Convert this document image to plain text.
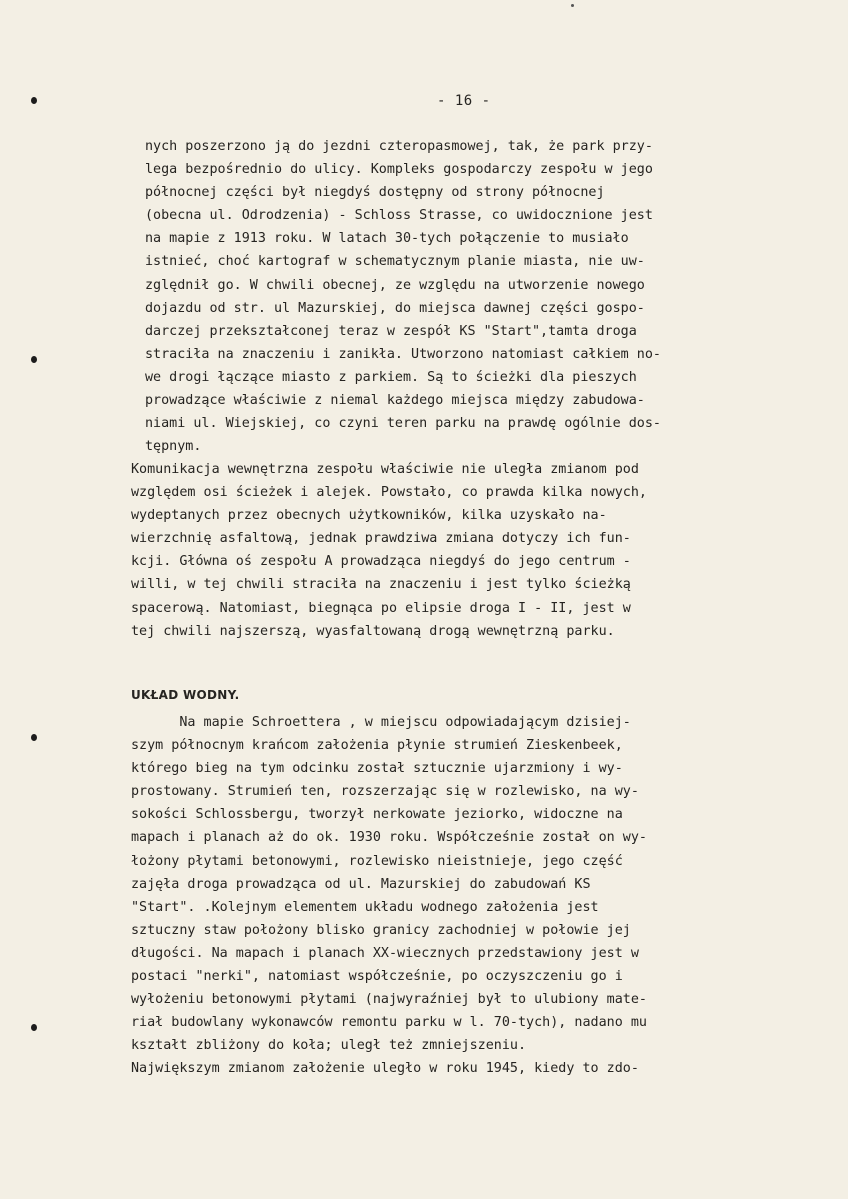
- 16 -
nych poszerzono ją do jezdni czteropasmowej, tak, że park przy-
lega bezpośrednio do ulicy. Kompleks gospodarczy zespołu w jego
północnej części był niegdyś dostępny od strony północnej
(obecna ul. Odrodzenia) - Schloss Strasse, co uwidocznione jest
na mapie z 1913 roku. W latach 30-tych połączenie to musiało
istnieć, choć kartograf w schematycznym planie miasta, nie uw-
zględnił go. W chwili obecnej, ze względu na utworzenie nowego
dojazdu od str. ul Mazurskiej, do miejsca dawnej części gospo-
darczej przekształconej teraz w zespół KS "Start",tamta droga
straciła na znaczeniu i zanikła. Utworzono natomiast całkiem no-
we drogi łączące miasto z parkiem. Są to ścieżki dla pieszych
prowadzące właściwie z niemal każdego miejsca między zabudowa-
niami ul. Wiejskiej, co czyni teren parku na prawdę ogólnie dos-
tępnym.
Komunikacja wewnętrzna zespołu właściwie nie uległa zmianom pod
względem osi ścieżek i alejek. Powstało, co prawda kilka nowych,
wydeptanych przez obecnych użytkowników, kilka uzyskało na-
wierzchnię asfaltową, jednak prawdziwa zmiana dotyczy ich fun-
kcji. Główna oś zespołu A prowadząca niegdyś do jego centrum -
willi, w tej chwili straciła na znaczeniu i jest tylko ścieżką
spacerową. Natomiast, biegnąca po elipsie droga I - II, jest w
tej chwili najszerszą, wyasfaltowaną drogą wewnętrzną parku.
UKŁAD WODNY.
Na mapie Schroettera , w miejscu odpowiadającym dzisiej-
szym północnym krańcom założenia płynie strumień Zieskenbeek,
którego bieg na tym odcinku został sztucznie ujarzmiony i wy-
prostowany. Strumień ten, rozszerzając się w rozlewisko, na wy-
sokości Schlossbergu, tworzył nerkowate jeziorko, widoczne na
mapach i planach aż do ok. 1930 roku. Współcześnie został on wy-
łożony płytami betonowymi, rozlewisko nieistnieje, jego część
zajęła droga prowadząca od ul. Mazurskiej do zabudowań KS
"Start". .Kolejnym elementem układu wodnego założenia jest
sztuczny staw położony blisko granicy zachodniej w połowie jej
długości. Na mapach i planach XX-wiecznych przedstawiony jest w
postaci "nerki", natomiast współcześnie, po oczyszczeniu go i
wyłożeniu betonowymi płytami (najwyraźniej był to ulubiony mate-
riał budowlany wykonawców remontu parku w l. 70-tych), nadano mu
kształt zbliżony do koła; uległ też zmniejszeniu.
Największym zmianom założenie uległo w roku 1945, kiedy to zdo-
